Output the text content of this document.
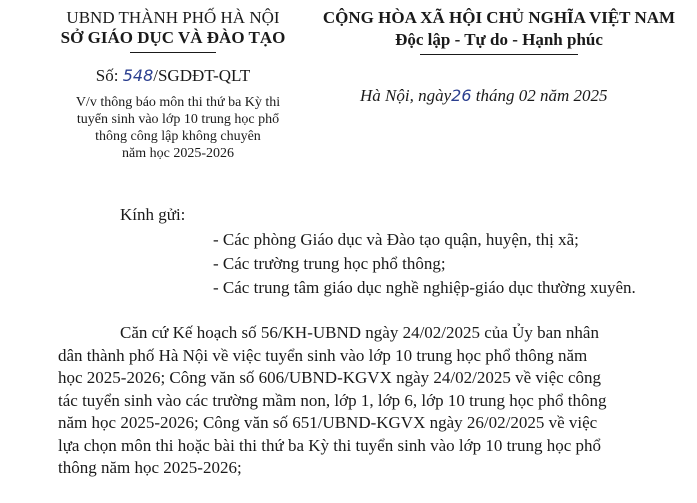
UBND THÀNH PHỐ HÀ NỘI
SỞ GIÁO DỤC VÀ ĐÀO TẠO
CỘNG HÒA XÃ HỘI CHỦ NGHĨA VIỆT NAM
Độc lập - Tự do - Hạnh phúc
Số: 548/SGDĐT-QLT
V/v thông báo môn thi thứ ba Kỳ thi
tuyển sinh vào lớp 10 trung học phổ
thông công lập không chuyên
năm học 2025-2026
Hà Nội, ngày26 tháng 02 năm 2025
Kính gửi:
- Các phòng Giáo dục và Đào tạo quận, huyện, thị xã;
- Các trường trung học phổ thông;
- Các trung tâm giáo dục nghề nghiệp-giáo dục thường xuyên.
Căn cứ Kế hoạch số 56/KH-UBND ngày 24/02/2025 của Ủy ban nhân
dân thành phố Hà Nội về việc tuyển sinh vào lớp 10 trung học phổ thông năm
học 2025-2026; Công văn số 606/UBND-KGVX ngày 24/02/2025 về việc công
tác tuyển sinh vào các trường mầm non, lớp 1, lớp 6, lớp 10 trung học phổ thông
năm học 2025-2026; Công văn số 651/UBND-KGVX ngày 26/02/2025 về việc
lựa chọn môn thi hoặc bài thi thứ ba Kỳ thi tuyển sinh vào lớp 10 trung học phổ
thông năm học 2025-2026;
